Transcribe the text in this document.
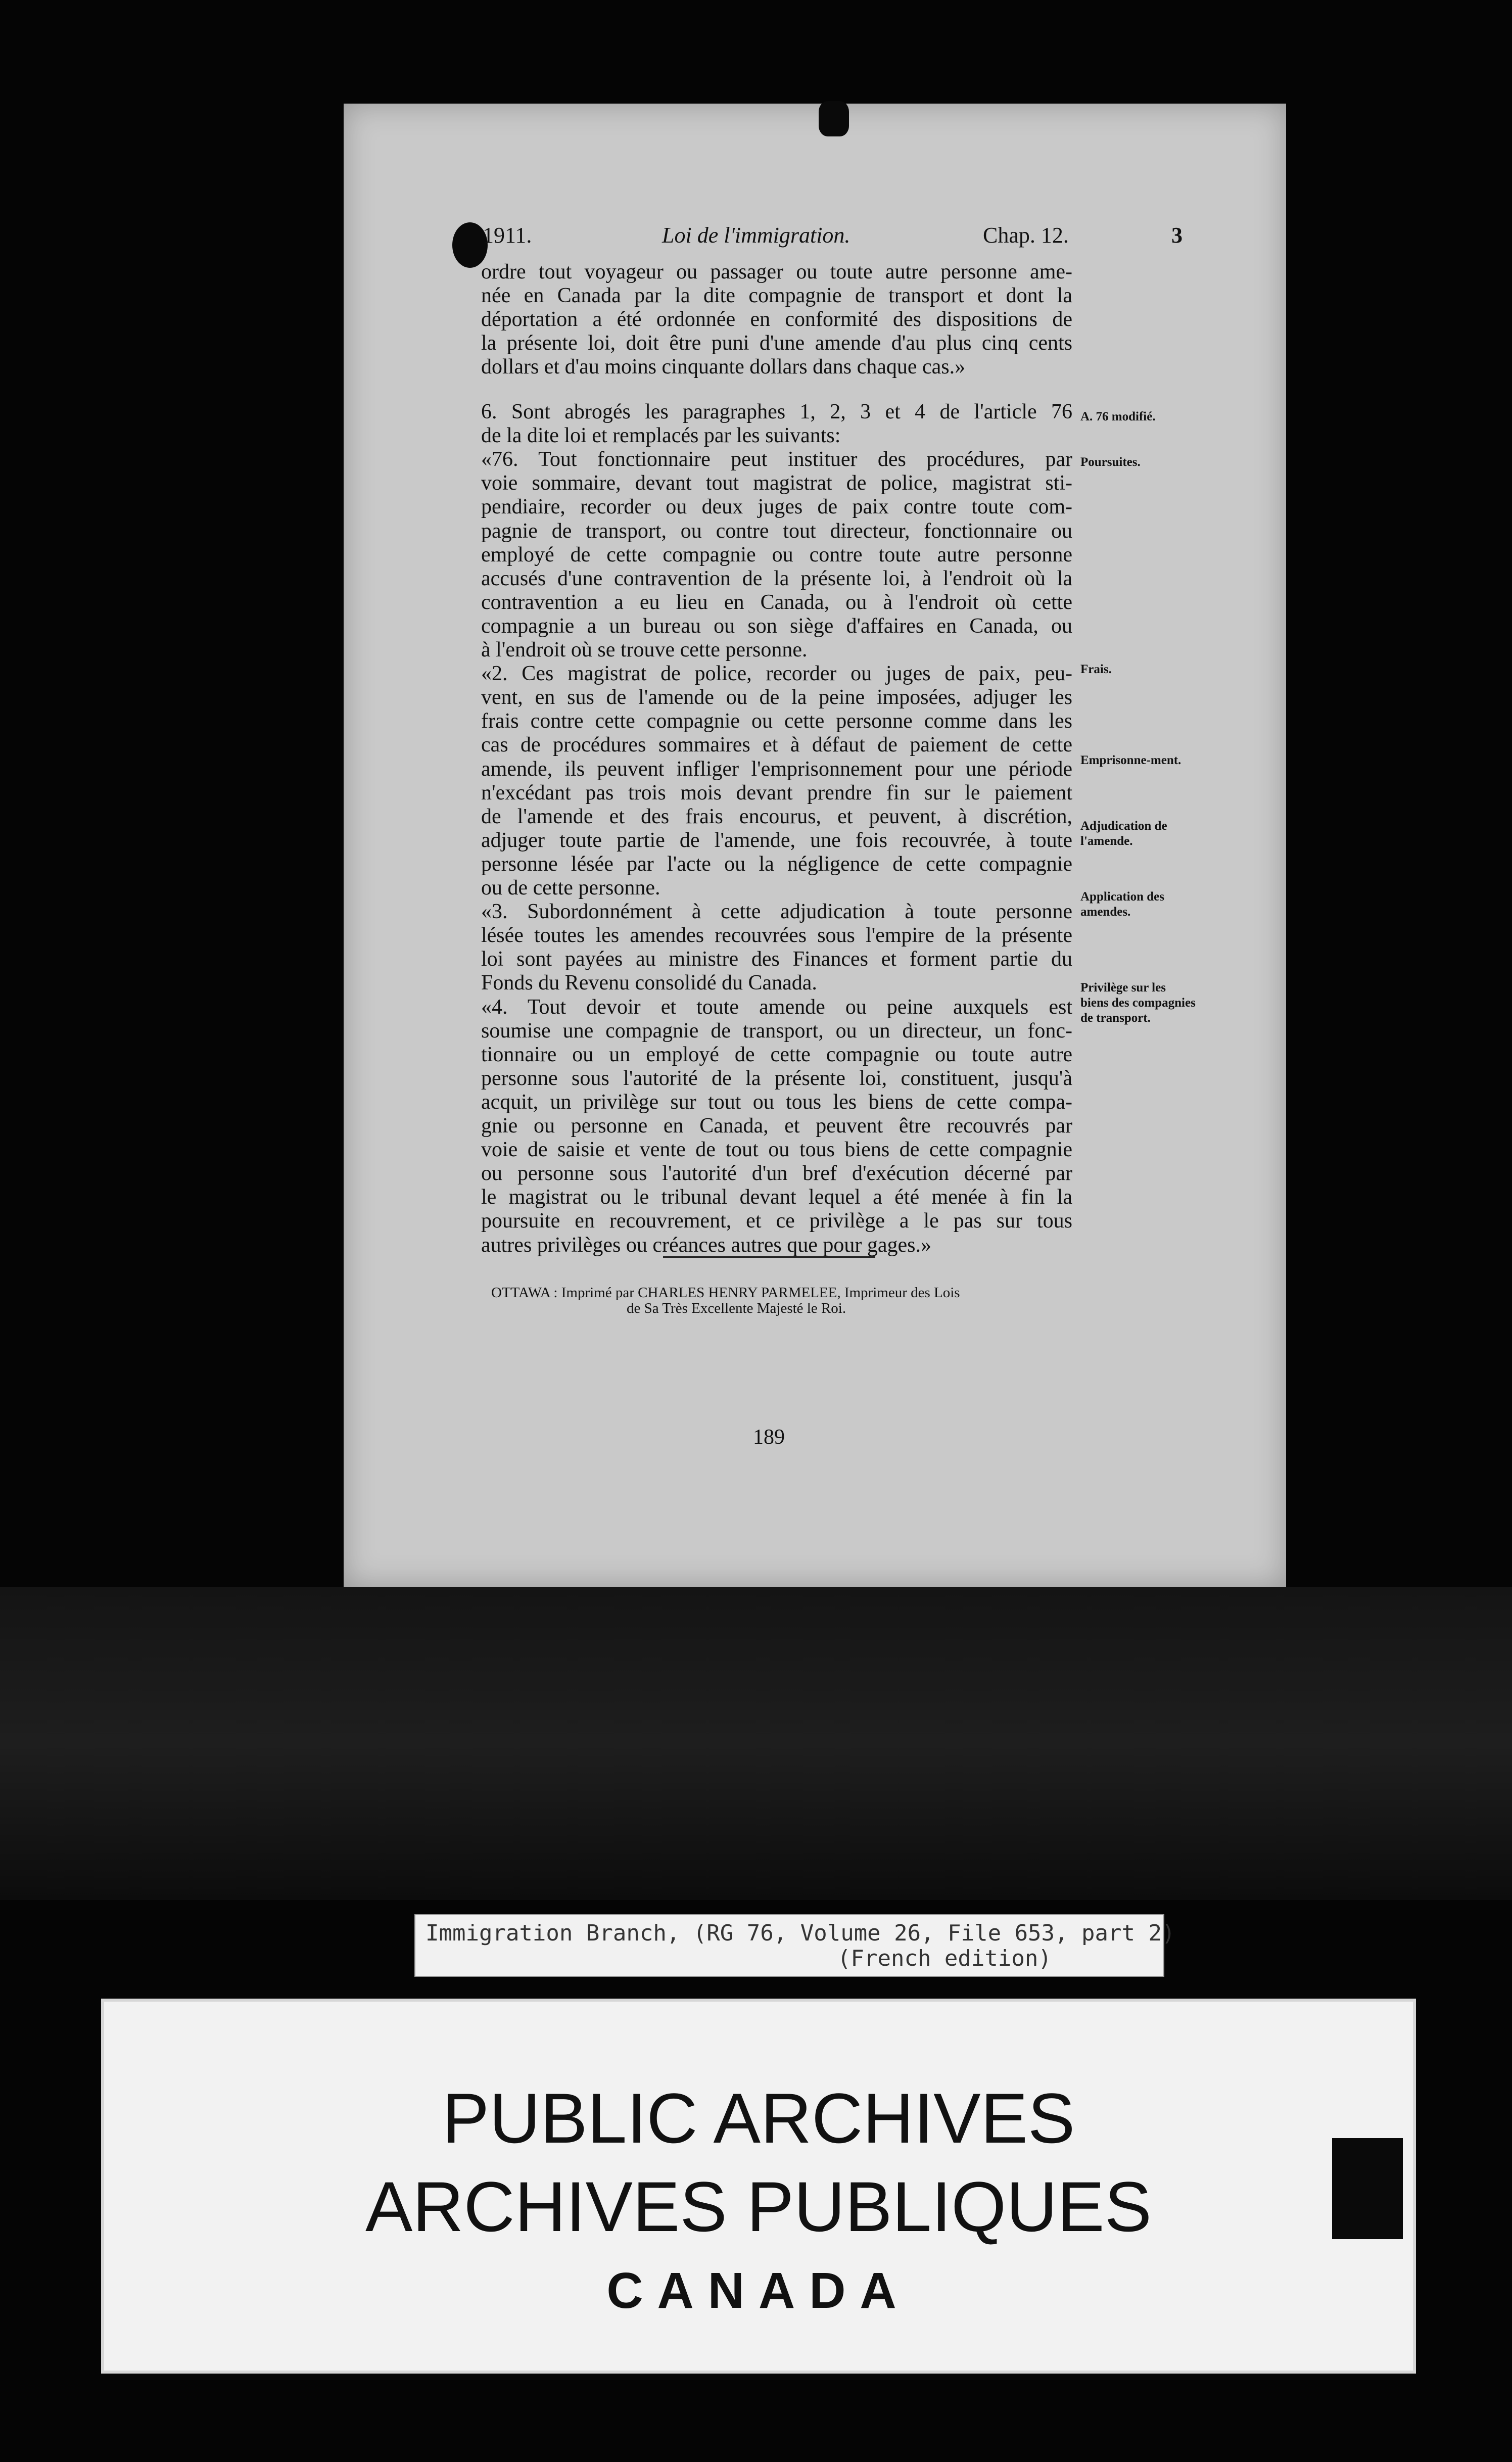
1911.	Loi de l'immigration.	Chap. 12.	3
ordre tout voyageur ou passager ou toute autre personne ame-
née en Canada par la dite compagnie de transport et dont la
déportation a été ordonnée en conformité des dispositions de
la présente loi, doit être puni d'une amende d'au plus cinq cents
dollars et d'au moins cinquante dollars dans chaque cas.»
6. Sont abrogés les paragraphes 1, 2, 3 et 4 de l'article 76
de la dite loi et remplacés par les suivants:
«76. Tout fonctionnaire peut instituer des procédures, par
voie sommaire, devant tout magistrat de police, magistrat sti-
pendiaire, recorder ou deux juges de paix contre toute com-
pagnie de transport, ou contre tout directeur, fonctionnaire ou
employé de cette compagnie ou contre toute autre personne
accusés d'une contravention de la présente loi, à l'endroit où la
contravention a eu lieu en Canada, ou à l'endroit où cette
compagnie a un bureau ou son siège d'affaires en Canada, ou
à l'endroit où se trouve cette personne.
«2. Ces magistrat de police, recorder ou juges de paix, peu-
vent, en sus de l'amende ou de la peine imposées, adjuger les
frais contre cette compagnie ou cette personne comme dans les
cas de procédures sommaires et à défaut de paiement de cette
amende, ils peuvent infliger l'emprisonnement pour une période
n'excédant pas trois mois devant prendre fin sur le paiement
de l'amende et des frais encourus, et peuvent, à discrétion,
adjuger toute partie de l'amende, une fois recouvrée, à toute
personne lésée par l'acte ou la négligence de cette compagnie
ou de cette personne.
«3. Subordonnément à cette adjudication à toute personne
lésée toutes les amendes recouvrées sous l'empire de la présente
loi sont payées au ministre des Finances et forment partie du
Fonds du Revenu consolidé du Canada.
«4. Tout devoir et toute amende ou peine auxquels est
soumise une compagnie de transport, ou un directeur, un fonc-
tionnaire ou un employé de cette compagnie ou toute autre
personne sous l'autorité de la présente loi, constituent, jusqu'à
acquit, un privilège sur tout ou tous les biens de cette compa-
gnie ou personne en Canada, et peuvent être recouvrés par
voie de saisie et vente de tout ou tous biens de cette compagnie
ou personne sous l'autorité d'un bref d'exécution décerné par
le magistrat ou le tribunal devant lequel a été menée à fin la
poursuite en recouvrement, et ce privilège a le pas sur tous
autres privilèges ou créances autres que pour gages.»
A. 76 modifié.
Poursuites.
Frais.
Emprisonne-ment.
Adjudication de l'amende.
Application des amendes.
Privilège sur les biens des compagnies de transport.
OTTAWA : Imprimé par CHARLES HENRY PARMELEE, Imprimeur des Lois
de Sa Très Excellente Majesté le Roi.
189
Immigration Branch, (RG 76, Volume 26, File 653, part 2)
(French edition)
PUBLIC ARCHIVES
ARCHIVES PUBLIQUES
CANADA
